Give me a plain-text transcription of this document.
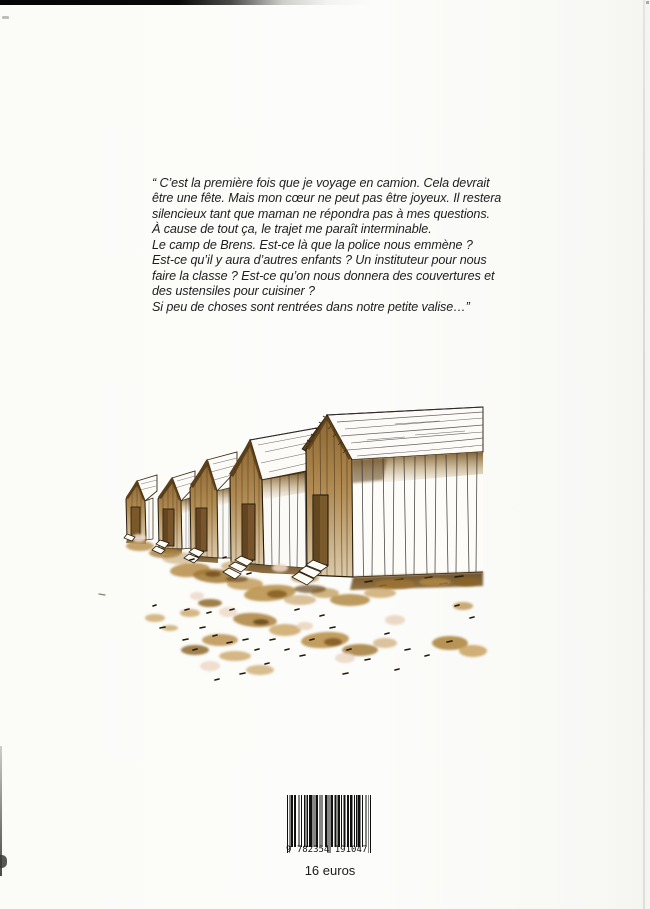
“ C’est la première fois que je voyage en camion. Cela devrait
être une fête. Mais mon cœur ne peut pas être joyeux. Il restera
silencieux tant que maman ne répondra pas à mes questions.
À cause de tout ça, le trajet me paraît interminable.
Le camp de Brens. Est-ce là que la police nous emmène ?
Est-ce qu’il y aura d’autres enfants ? Un instituteur pour nous
faire la classe ? Est-ce qu’on nous donnera des couvertures et
des ustensiles pour cuisiner ?
Si peu de choses sont rentrées dans notre petite valise…”
9 782354 191047
16 euros
